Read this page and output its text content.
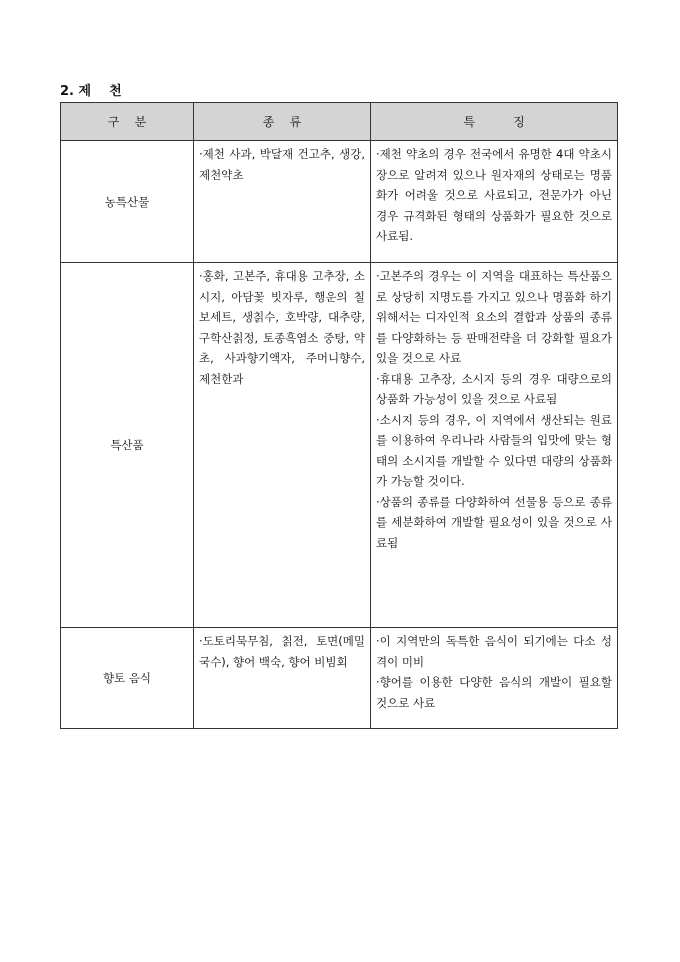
2. 제    천
구    분	종    류	특          징
농특산물	·제천 사과, 박달재 건고추, 생강, 제천약초	·제천 약초의 경우 전국에서 유명한 4대 약초시장으로 알려져 있으나 원자재의 상태로는 명품화가 어려울 것으로 사료되고, 전문가가 아닌 경우 규격화된 형태의 상품화가 필요한 것으로 사료됨.

특산품	·홍화, 고본주, 휴대용 고추장, 소시지, 아담꽃 빗자루, 행운의 칠보세트, 생칡수, 호박량, 대추량, 구학산칡정, 토종흑염소 중탕, 약초, 사과향기액자, 주머니향수, 제천한과	·고본주의 경우는 이 지역을 대표하는 특산품으로 상당히 지명도를 가지고 있으나 명품화 하기 위해서는 디자인적 요소의 결합과 상품의 종류를 다양화하는 등 판매전략을 더 강화할 필요가 있을 것으로 사료

·휴대용 고추장, 소시지 등의 경우 대량으로의 상품화 가능성이 있을 것으로 사료됨

·소시지 등의 경우, 이 지역에서 생산되는 원료를 이용하여 우리나라 사람들의 입맛에 맞는 형태의 소시지를 개발할 수 있다면 대량의 상품화가 가능할 것이다.

·상품의 종류를 다양화하여 선물용 등으로 종류를 세분화하여 개발할 필요성이 있을 것으로 사료됨

향토 음식	·도토리묵무침, 칡전, 토면(메밀국수), 향어 백숙, 향어 비빔회	·이 지역만의 독특한 음식이 되기에는 다소 성격이 미비

·향어를 이용한 다양한 음식의 개발이 필요할 것으로 사료
